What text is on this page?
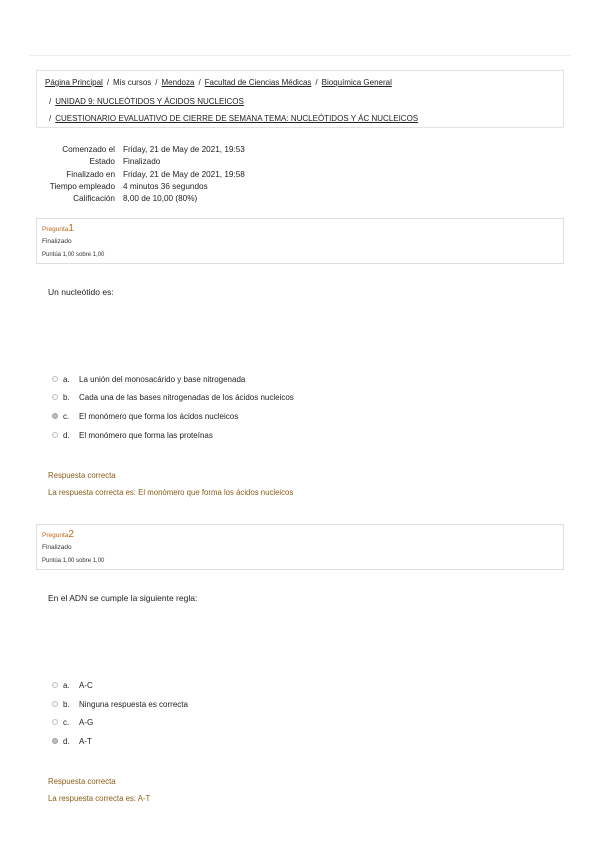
Página Principal / Mis cursos / Mendoza / Facultad de Ciencias Médicas / Bioquímica General
/ UNIDAD 9: NUCLEÓTIDOS Y ÁCIDOS NUCLEICOS
/ CUESTIONARIO EVALUATIVO DE CIERRE DE SEMANA TEMA: NUCLEÓTIDOS Y ÁC NUCLEICOS
Comenzado el Friday, 21 de May de 2021, 19:53
Estado Finalizado
Finalizado en Friday, 21 de May de 2021, 19:58
Tiempo empleado 4 minutos 36 segundos
Calificación 8,00 de 10,00 (80%)
Pregunta1
Finalizado
Puntúa 1,00 sobre 1,00
Un nucleótido es:
a. La unión del monosacárido y base nitrogenada
b. Cada una de las bases nitrogenadas de los ácidos nucleicos
c. El monómero que forma los ácidos nucleicos
d. El monómero que forma las proteínas
Respuesta correcta
La respuesta correcta es: El monómero que forma los ácidos nucleicos
Pregunta2
Finalizado
Puntúa 1,00 sobre 1,00
En el ADN se cumple la siguiente regla:
a. A-C
b. Ninguna respuesta es correcta
c. A-G
d. A-T
Respuesta correcta
La respuesta correcta es: A-T
